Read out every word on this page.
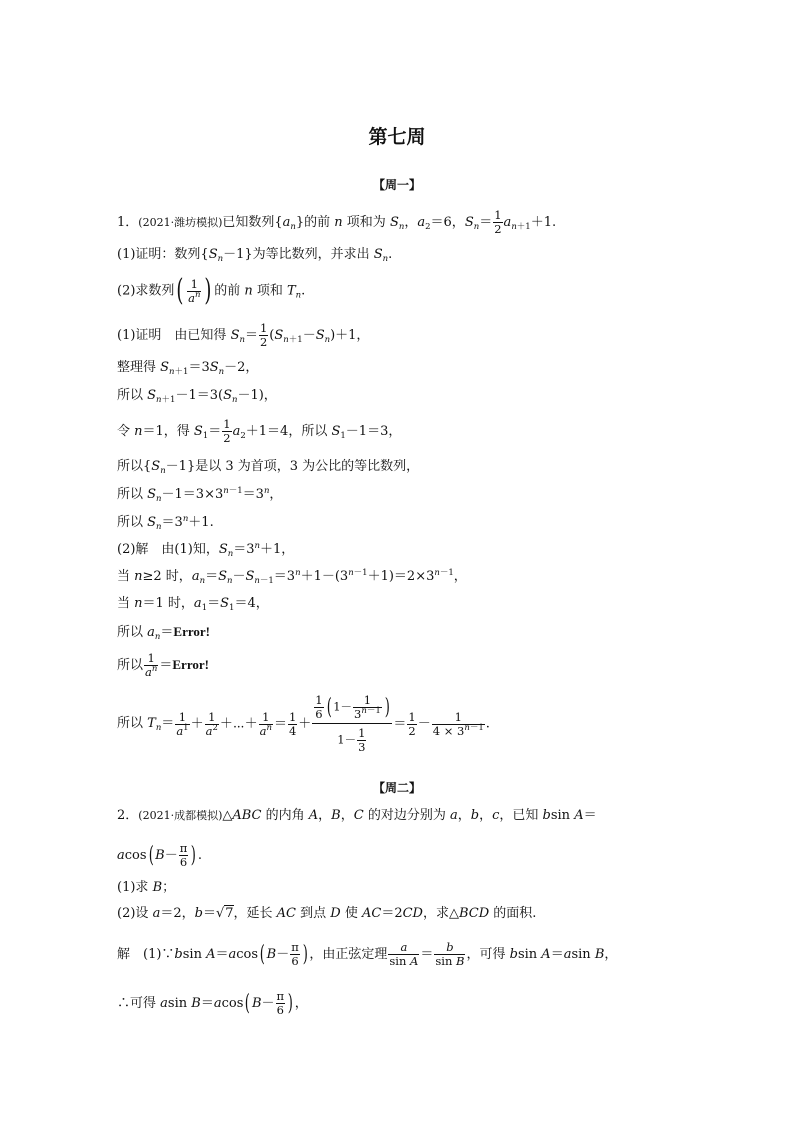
第七周
【周一】
1．(2021·潍坊模拟)已知数列$\{a_n\}$的前 n 项和为 $S_n$，$a_2=6$，$S_n= \frac{1}{2} a_{n+1}+1$.
(1)证明：数列$\{S_n-1\}$为等比数列，并求出 $S_n$.
(2)求数列( $\frac{1}{a^n}$ ) 的前 n 项和 $T_n$.
(1)证明　由已知得 $S_n= \frac{1}{2} (S_{n+1}-S_n)+1$，
整理得 $S_{n+1}=3S_n-2$，
所以 $S_{n+1}-1=3(S_n-1)$，
令 n＝1，得 $S_1= \frac{1}{2} a_2+1=4$，所以 $S_1-1=3$，
所以$\{S_n-1\}$是以 3 为首项，3 为公比的等比数列，
所以 $S_n-1=3\times 3^{n-1}=3^n$，
所以 $S_n=3^n+1$.
(2)解　由(1)知，$S_n=3^n+1$，
当 n≥2 时，$a_n=S_n-S_{n-1}=3^n+1-(3^{n-1}+1)=2\times 3^{n-1}$，
当 n＝1 时，$a_1=S_1=4$，
所以 $a_n=Error$!
所以 $\frac{1}{a^n}$ ＝Error!
所以 $T_n= \frac{1}{a^1} + \frac{1}{a^2}$ ＋⋯＋ $\frac{1}{a^n} = \frac{1}{4} + \frac{\frac{1}{6} ( 1- \frac{1}{3^{n-1}} )}{1- \frac{1}{3}} = \frac{1}{2} - \frac{1}{4 \times 3^{n-1}}$ .
【周二】
2．(2021·成都模拟)△ABC 的内角 A，B，C 的对边分别为 a，b，c，已知 bsin A＝
acos( $B- \frac{\pi}{6}$ ) .
(1)求 B；
(2)设 a＝2，b＝√7，延长 AC 到点 D 使 AC＝2CD，求△BCD 的面积.
解　(1)∵bsin A＝acos( $B- \frac{\pi}{6}$ ) ，由正弦定理 $\frac{a}{\text{sin A}} = \frac{b}{\text{sin B}}$ ，可得 bsin A＝asin B，
∴可得 asin B＝acos( $B- \frac{\pi}{6}$ ) ，
